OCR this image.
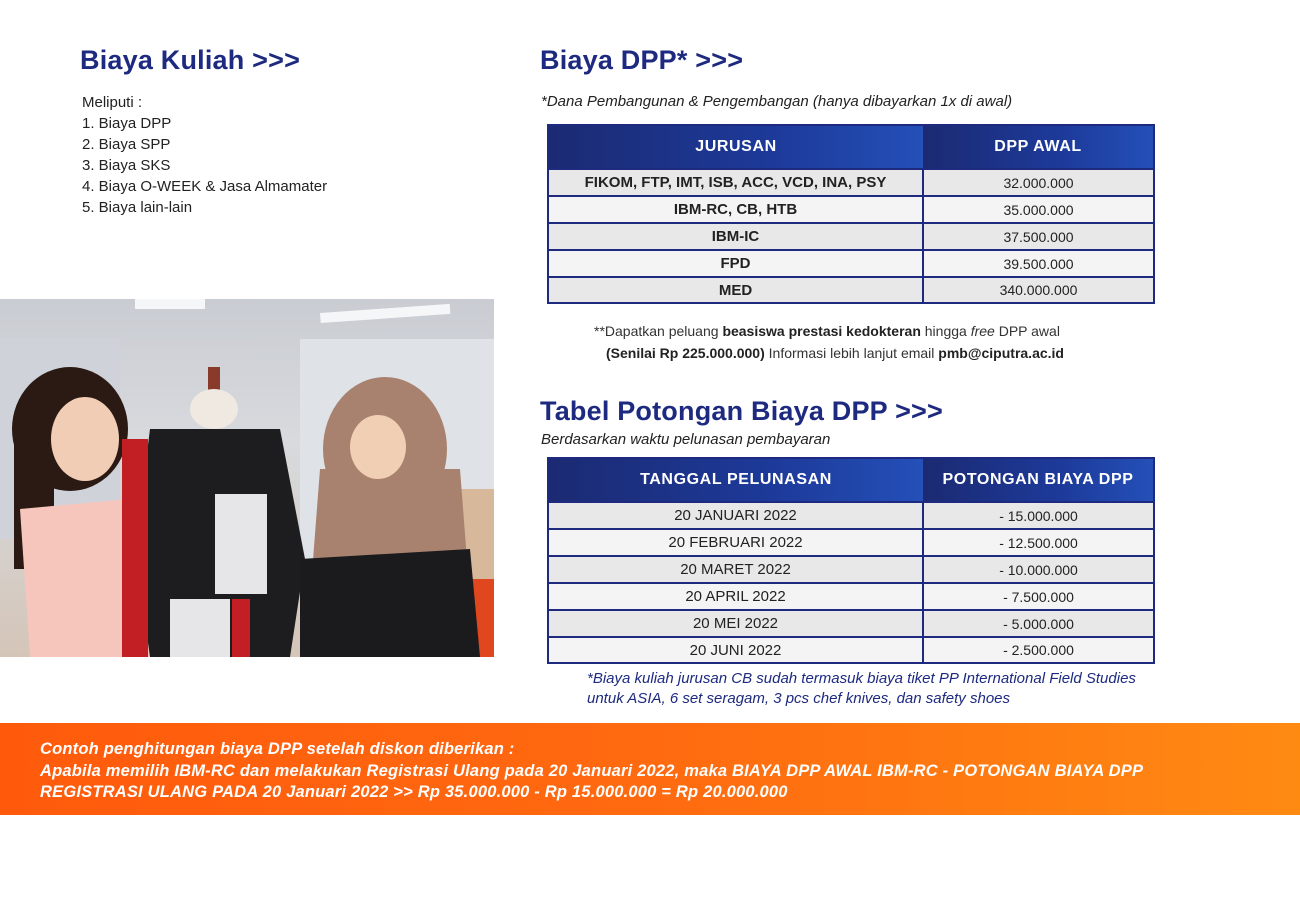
Biaya Kuliah >>>
Meliputi :
1. Biaya DPP
2. Biaya SPP
3. Biaya SKS
4. Biaya O-WEEK & Jasa Almamater
5. Biaya lain-lain
Biaya DPP* >>>
*Dana Pembangunan & Pengembangan (hanya dibayarkan 1x di awal)
JURUSAN	DPP AWAL
FIKOM, FTP, IMT, ISB, ACC, VCD, INA, PSY	32.000.000
IBM-RC, CB, HTB	35.000.000
IBM-IC	37.500.000
FPD	39.500.000
MED	340.000.000
**Dapatkan peluang beasiswa prestasi kedokteran hingga free DPP awal
(Senilai Rp 225.000.000) Informasi lebih lanjut email pmb@ciputra.ac.id
Tabel Potongan Biaya DPP >>>
Berdasarkan waktu pelunasan pembayaran
TANGGAL PELUNASAN	POTONGAN BIAYA DPP
20 JANUARI 2022	- 15.000.000
20 FEBRUARI 2022	- 12.500.000
20 MARET 2022	- 10.000.000
20 APRIL 2022	- 7.500.000
20 MEI 2022	- 5.000.000
20 JUNI 2022	- 2.500.000
*Biaya kuliah jurusan CB sudah termasuk biaya tiket PP International Field Studies
untuk ASIA, 6 set seragam, 3 pcs chef knives, dan safety shoes
Contoh penghitungan biaya DPP setelah diskon diberikan :
Apabila memilih IBM-RC dan melakukan Registrasi Ulang pada 20 Januari 2022, maka BIAYA DPP AWAL IBM-RC - POTONGAN BIAYA DPP
REGISTRASI ULANG PADA 20 Januari 2022 >> Rp 35.000.000 - Rp 15.000.000 = Rp 20.000.000
